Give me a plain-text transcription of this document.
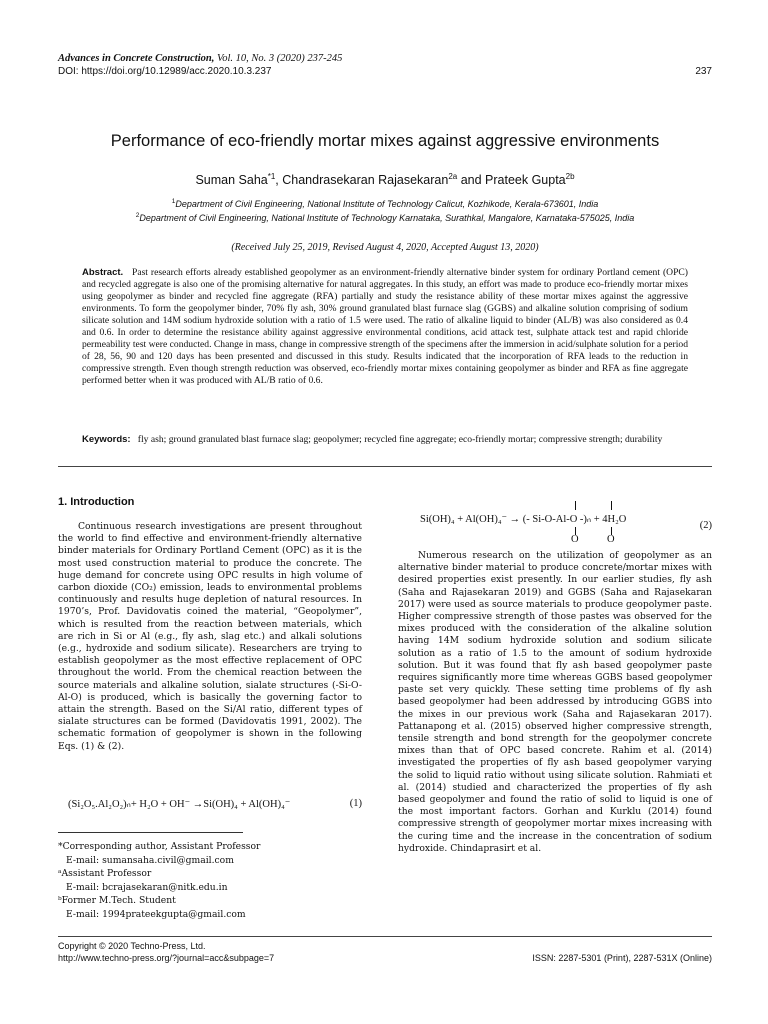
Advances in Concrete Construction, Vol. 10, No. 3 (2020) 237-245
DOI: https://doi.org/10.12989/acc.2020.10.3.237	237
Performance of eco-friendly mortar mixes against aggressive environments
Suman Saha$^{*1}$, Chandrasekaran Rajasekaran$^{2a}$ and Prateek Gupta$^{2b}$
$^1$Department of Civil Engineering, National Institute of Technology Calicut, Kozhikode, Kerala-673601, India
$^2$Department of Civil Engineering, National Institute of Technology Karnataka, Surathkal, Mangalore, Karnataka-575025, India
(Received July 25, 2019, Revised August 4, 2020, Accepted August 13, 2020)
Abstract. Past research efforts already established geopolymer as an environment-friendly alternative binder system for ordinary Portland cement (OPC) and recycled aggregate is also one of the promising alternative for natural aggregates. In this study, an effort was made to produce eco-friendly mortar mixes using geopolymer as binder and recycled fine aggregate (RFA) partially and study the resistance ability of these mortar mixes against the aggressive environments. To form the geopolymer binder, 70% fly ash, 30% ground granulated blast furnace slag (GGBS) and alkaline solution comprising of sodium silicate solution and 14M sodium hydroxide solution with a ratio of 1.5 were used. The ratio of alkaline liquid to binder (AL/B) was also considered as 0.4 and 0.6. In order to determine the resistance ability against aggressive environmental conditions, acid attack test, sulphate attack test and rapid chloride permeability test were conducted. Change in mass, change in compressive strength of the specimens after the immersion in acid/sulphate solution for a period of 28, 56, 90 and 120 days has been presented and discussed in this study. Results indicated that the incorporation of RFA leads to the reduction in compressive strength. Even though strength reduction was observed, eco-friendly mortar mixes containing geopolymer as binder and RFA as fine aggregate performed better when it was produced with AL/B ratio of 0.6.
Keywords: fly ash; ground granulated blast furnace slag; geopolymer; recycled fine aggregate; eco-friendly mortar; compressive strength; durability
1. Introduction

Continuous research investigations are present throughout the world to find effective and environment-friendly alternative binder materials for Ordinary Portland Cement (OPC) as it is the most used construction material to produce the concrete. The huge demand for concrete using OPC results in high volume of carbon dioxide (CO₂) emission, leads to environmental problems continuously and results huge depletion of natural resources. In 1970’s, Prof. Davidovatis coined the material, “Geopolymer”, which is resulted from the reaction between materials, which are rich in Si or Al (e.g., fly ash, slag etc.) and alkali solutions (e.g., hydroxide and sodium silicate). Researchers are trying to establish geopolymer as the most effective replacement of OPC throughout the world. From the chemical reaction between the source materials and alkaline solution, sialate structures (-Si-O-Al-O) is produced, which is basically the governing factor to attain the strength. Based on the Si/Al ratio, different types of sialate structures can be formed (Davidovatis 1991, 2002). The schematic formation of geopolymer is shown in the following Eqs. (1) & (2).

(Si₂O₅.Al₂O₂)ₙ+ H₂O + OH⁻ →Si(OH)₄ + Al(OH)₄⁻	(1)
*Corresponding author, Assistant Professor
E-mail: sumansaha.civil@gmail.com
ᵃAssistant Professor
E-mail: bcrajasekaran@nitk.edu.in
ᵇFormer M.Tech. Student
E-mail: 1994prateekgupta@gmail.com
Si(OH)₄ + Al(OH)₄⁻ → (- Si-O-Al-O -)ₙ + 4H₂O
O	O
(2)

Numerous research on the utilization of geopolymer as an alternative binder material to produce concrete/mortar mixes with desired properties exist presently. In our earlier studies, fly ash (Saha and Rajasekaran 2019) and GGBS (Saha and Rajasekaran 2017) were used as source materials to produce geopolymer paste. Higher compressive strength of those pastes was observed for the mixes produced with the consideration of the alkaline solution having 14M sodium hydroxide solution and sodium silicate solution as a ratio of 1.5 to the amount of sodium hydroxide solution. But it was found that fly ash based geopolymer paste requires significantly more time whereas GGBS based geopolymer paste set very quickly. These setting time problems of fly ash based geopolymer had been addressed by introducing GGBS into the mixes in our previous work (Saha and Rajasekaran 2017). Pattanapong et al. (2015) observed higher compressive strength, tensile strength and bond strength for the geopolymer concrete mixes than that of OPC based concrete. Rahim et al. (2014) investigated the properties of fly ash based geopolymer varying the solid to liquid ratio without using silicate solution. Rahmiati et al. (2014) studied and characterized the properties of fly ash based geopolymer and found the ratio of solid to liquid is one of the most important factors. Gorhan and Kurklu (2014) found compressive strength of geopolymer mortar mixes increasing with the curing time and the increase in the concentration of sodium hydroxide. Chindaprasirt et al.

Copyright © 2020 Techno-Press, Ltd.
http://www.techno-press.org/?journal=acc&subpage=7	ISSN: 2287-5301 (Print), 2287-531X (Online)
